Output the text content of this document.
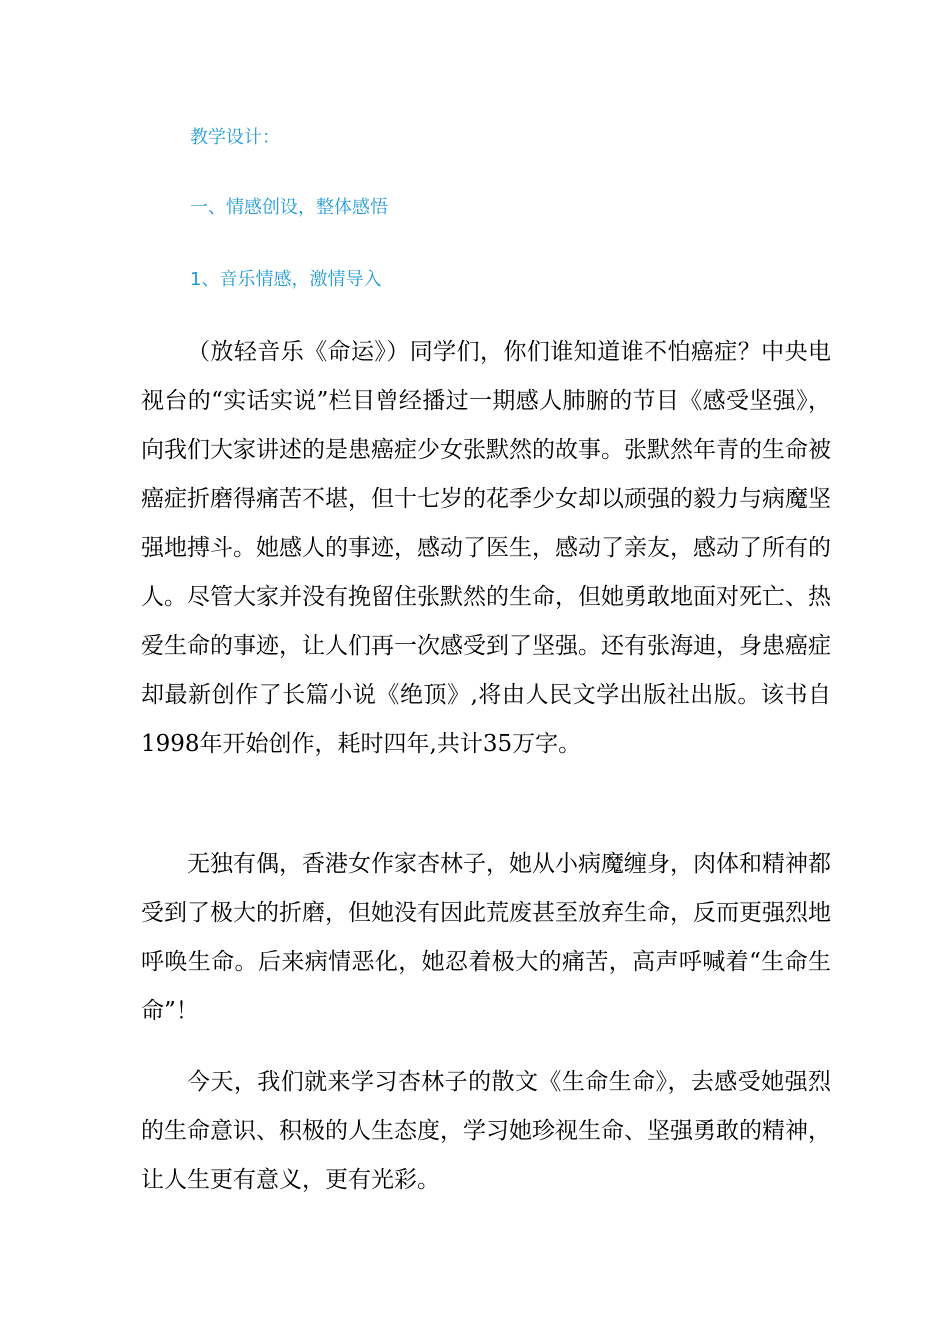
教学设计：
一、情感创设，整体感悟
1、音乐情感，激情导入

（放轻音乐《命运》）同学们，你们谁知道谁不怕癌症？中央电视台的“实话实说”栏目曾经播过一期感人肺腑的节目《感受坚强》，向我们大家讲述的是患癌症少女张默然的故事。张默然年青的生命被癌症折磨得痛苦不堪，但十七岁的花季少女却以顽强的毅力与病魔坚强地搏斗。她感人的事迹，感动了医生，感动了亲友，感动了所有的人。尽管大家并没有挽留住张默然的生命，但她勇敢地面对死亡、热爱生命的事迹，让人们再一次感受到了坚强。还有张海迪，身患癌症却最新创作了长篇小说《绝顶》,将由人民文学出版社出版。该书自1998年开始创作，耗时四年,共计35万字。

无独有偶，香港女作家杏林子，她从小病魔缠身，肉体和精神都受到了极大的折磨，但她没有因此荒废甚至放弃生命，反而更强烈地呼唤生命。后来病情恶化，她忍着极大的痛苦，高声呼喊着“生命生命”！

今天，我们就来学习杏林子的散文《生命生命》，去感受她强烈的生命意识、积极的人生态度，学习她珍视生命、坚强勇敢的精神，让人生更有意义，更有光彩。
